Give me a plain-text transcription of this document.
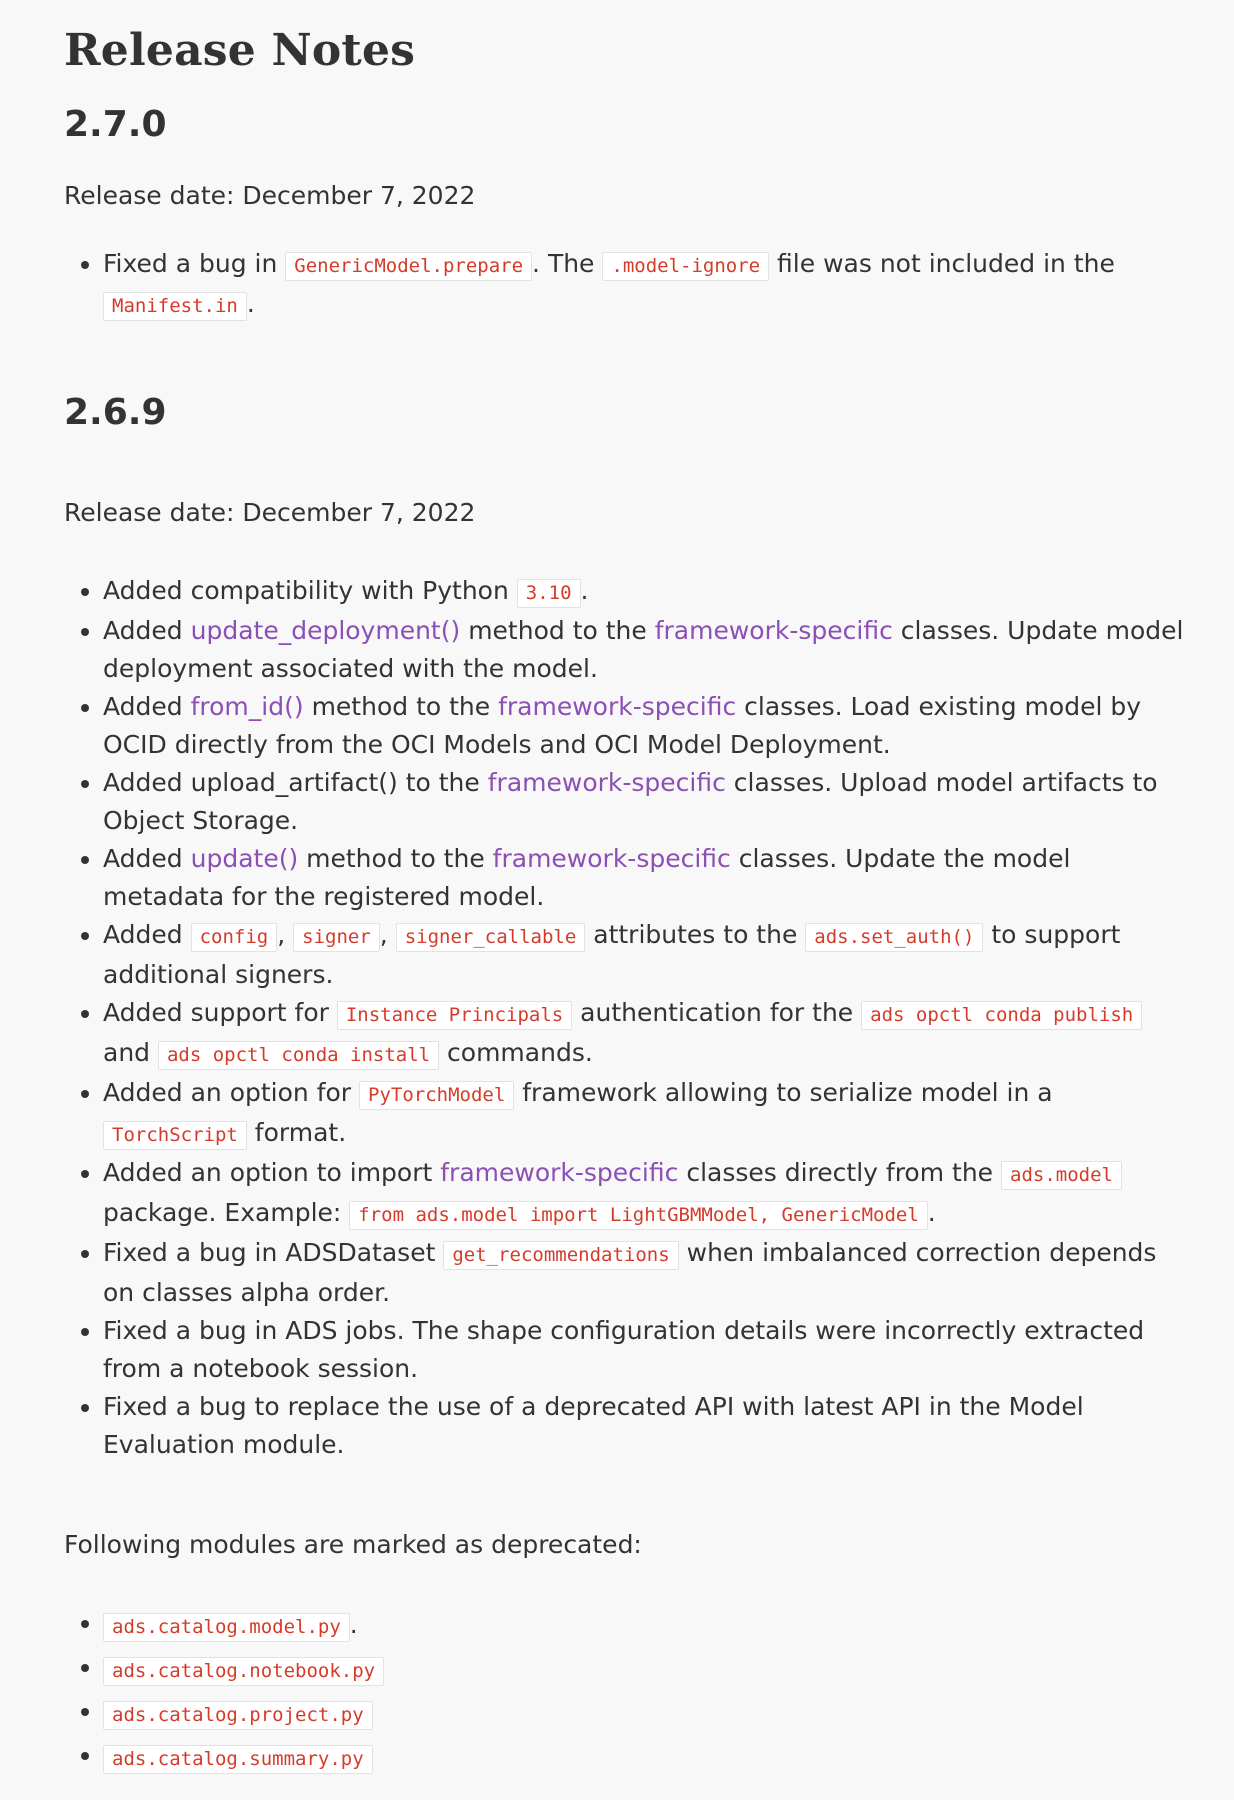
Release Notes
2.7.0

Release date: December 7, 2022

Fixed a bug in GenericModel.prepare . The .model-ignore file was not included in the Manifest.in .
2.6.9

Release date: December 7, 2022

Added compatibility with Python 3.10 .
Added update_deployment() method to the framework-specific classes. Update model deployment associated with the model.
Added from_id() method to the framework-specific classes. Load existing model by OCID directly from the OCI Models and OCI Model Deployment.
Added upload_artifact() to the framework-specific classes. Upload model artifacts to Object Storage.
Added update() method to the framework-specific classes. Update the model metadata for the registered model.
Added config , signer , signer_callable attributes to the ads.set_auth() to support additional signers.
Added support for Instance Principals authentication for the ads opctl conda publish and ads opctl conda install commands.
Added an option for PyTorchModel framework allowing to serialize model in a TorchScript format.
Added an option to import framework-specific classes directly from the ads.model package. Example: from ads.model import LightGBMModel, GenericModel .
Fixed a bug in ADSDataset get_recommendations when imbalanced correction depends on classes alpha order.
Fixed a bug in ADS jobs. The shape configuration details were incorrectly extracted from a notebook session.
Fixed a bug to replace the use of a deprecated API with latest API in the Model Evaluation module.

Following modules are marked as deprecated:

ads.catalog.model.py .
ads.catalog.notebook.py
ads.catalog.project.py
ads.catalog.summary.py
